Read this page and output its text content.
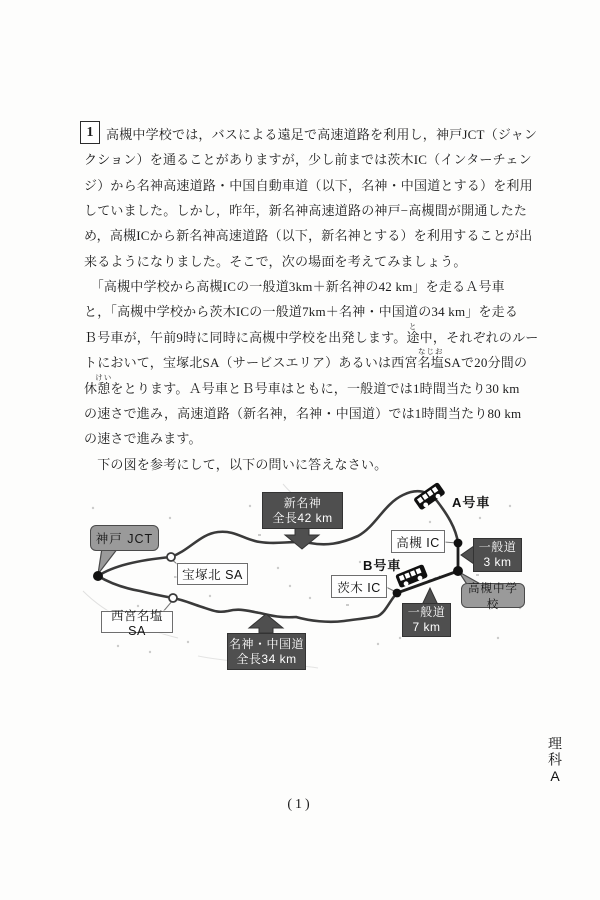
1 高槻中学校では，バスによる遠足で高速道路を利用し，神戸JCT（ジャン
クション）を通ることがありますが，少し前までは茨木IC（インターチェン
ジ）から名神高速道路・中国自動車道（以下，名神・中国道とする）を利用
していました。しかし，昨年，新名神高速道路の神戸−高槻間が開通したた
め，高槻ICから新名神高速道路（以下，新名神とする）を利用することが出
来るようになりました。そこで，次の場面を考えてみましょう。
　「高槻中学校から高槻ICの一般道3km＋新名神の42 km」を走るＡ号車
と，「高槻中学校から茨木ICの一般道7km＋名神・中国道の34 km」を走る
Ｂ号車が，午前9時に同時に高槻中学校を出発します。途
と
中，それぞれのルー
トにおいて，宝塚北SA（サービスエリア）あるいは西宮名塩
なじお
SAで20分間の
休憩
けい
をとります。Ａ号車とＢ号車はともに，一般道では1時間当たり30 km
の速さで進み，高速道路（新名神，名神・中国道）では1時間当たり80 km
の速さで進みます。
　下の図を参考にして，以下の問いに答えなさい。
神戸 JCT
宝塚北 SA
西宮名塩 SA
新名神
全長42 km
名神・中国道
全長34 km
高槻 IC
茨木 IC
一般道
3 km
一般道
7 km
A号車
B号車
高槻中学校
理科A
(1)
